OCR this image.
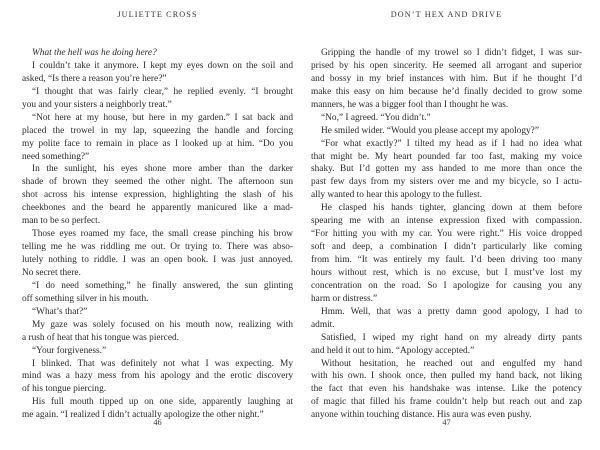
JULIETTE CROSS
What the hell was he doing here?
I couldn’t take it anymore. I kept my eyes down on the soil and
asked, “Is there a reason you’re here?”
“I thought that was fairly clear,” he replied evenly. “I brought
you and your sisters a neighborly treat.”
“Not here at my house, but here in my garden.” I sat back and
placed the trowel in my lap, squeezing the handle and forcing
my polite face to remain in place as I looked up at him. “Do you
need something?”
In the sunlight, his eyes shone more amber than the darker
shade of brown they seemed the other night. The afternoon sun
shot across his intense expression, highlighting the slash of his
cheekbones and the beard he apparently manicured like a mad-
man to be so perfect.
Those eyes roamed my face, the small crease pinching his brow
telling me he was riddling me out. Or trying to. There was abso-
lutely nothing to riddle. I was an open book. I was just annoyed.
No secret there.
“I do need something,” he finally answered, the sun glinting
off something silver in his mouth.
“What’s that?”
My gaze was solely focused on his mouth now, realizing with
a rush of heat that his tongue was pierced.
“Your forgiveness.”
I blinked. That was definitely not what I was expecting. My
mind was a hazy mess from his apology and the erotic discovery
of his tongue piercing.
His full mouth tipped up on one side, apparently laughing at
me again. “I realized I didn’t actually apologize the other night.”
46
DON’T HEX AND DRIVE
Gripping the handle of my trowel so I didn’t fidget, I was sur-
prised by his open sincerity. He seemed all arrogant and superior
and bossy in my brief instances with him. But if he thought I’d
make this easy on him because he’d finally decided to grow some
manners, he was a bigger fool than I thought he was.
“No,” I agreed. “You didn’t.”
He smiled wider. “Would you please accept my apology?”
“For what exactly?” I tilted my head as if I had no idea what
that might be. My heart pounded far too fast, making my voice
shaky. But I’d gotten my ass handed to me more than once the
past few days from my sisters over me and my bicycle, so I actu-
ally wanted to hear this apology to the fullest.
He clasped his hands tighter, glancing down at them before
spearing me with an intense expression fixed with compassion.
“For hitting you with my car. You were right.” His voice dropped
soft and deep, a combination I didn’t particularly like coming
from him. “It was entirely my fault. I’d been driving too many
hours without rest, which is no excuse, but I must’ve lost my
concentration on the road. So I apologize for causing you any
harm or distress.”
Hmm. Well, that was a pretty damn good apology, I had to
admit.
Satisfied, I wiped my right hand on my already dirty pants
and held it out to him. “Apology accepted.”
Without hesitation, he reached out and engulfed my hand
with his own. I shook once, then pulled my hand back, not liking
the fact that even his handshake was intense. Like the potency
of magic that filled his frame couldn’t help but reach out and zap
anyone within touching distance. His aura was even pushy.
47
